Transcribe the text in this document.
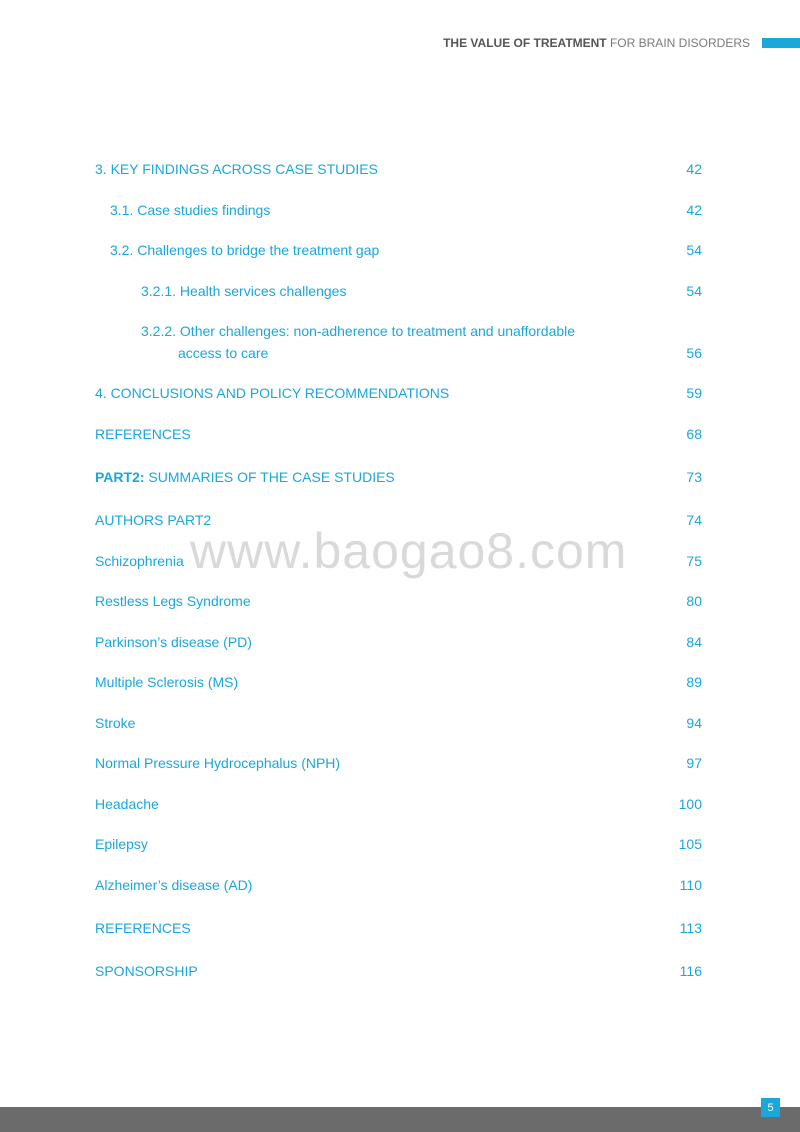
THE VALUE OF TREATMENT FOR BRAIN DISORDERS
3. KEY FINDINGS ACROSS CASE STUDIES	42
3.1. Case studies findings	42
3.2. Challenges to bridge the treatment gap	54
3.2.1. Health services challenges	54
3.2.2. Other challenges: non-adherence to treatment and unaffordable
access to care	56
4. CONCLUSIONS AND POLICY RECOMMENDATIONS	59
REFERENCES	68
PART2: SUMMARIES OF THE CASE STUDIES	73
AUTHORS PART2	74
www.baogao8.com
Schizophrenia	75
Restless Legs Syndrome	80
Parkinson’s disease (PD)	84
Multiple Sclerosis (MS)	89
Stroke	94
Normal Pressure Hydrocephalus (NPH)	97
Headache	100
Epilepsy	105
Alzheimer’s disease (AD)	110
REFERENCES	113
SPONSORSHIP	116
5
